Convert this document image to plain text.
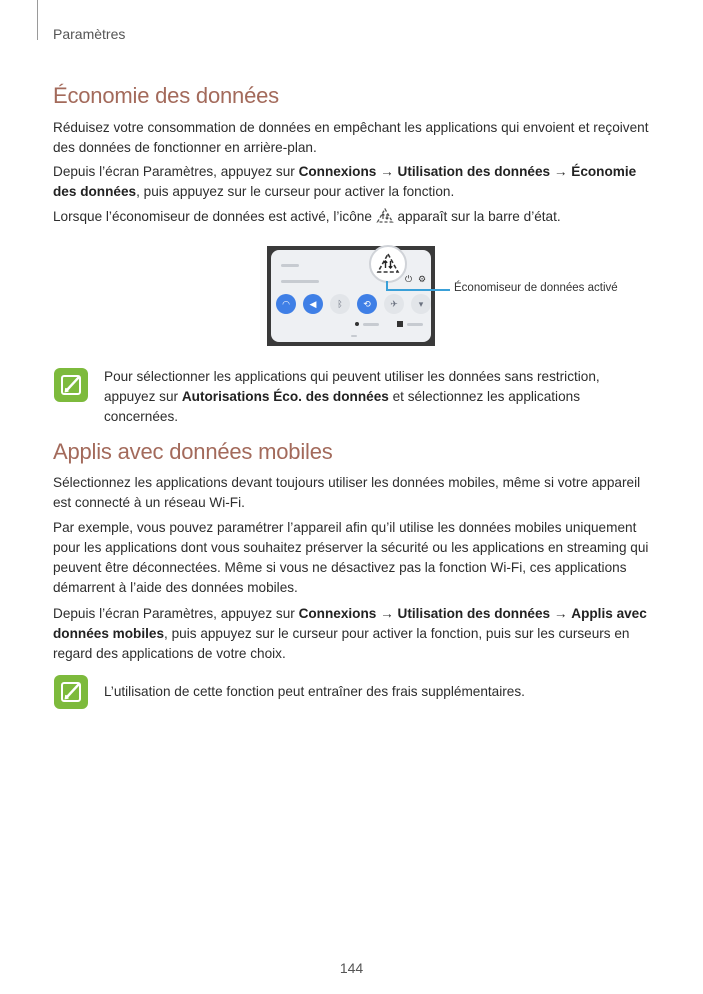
Paramètres
Économie des données

Réduisez votre consommation de données en empêchant les applications qui envoient et reçoivent des données de fonctionner en arrière-plan.

Depuis l’écran Paramètres, appuyez sur Connexions → Utilisation des données → Économie des données, puis appuyez sur le curseur pour activer la fonction.

Lorsque l’économiseur de données est activé, l’icône  apparaît sur la barre d’état.

⏻ ⚙
◠	◀	ᛒ	⟲	✈	▾
Économiseur de données activé

Pour sélectionner les applications qui peuvent utiliser les données sans restriction, appuyez sur Autorisations Éco. des données et sélectionnez les applications concernées.

Applis avec données mobiles

Sélectionnez les applications devant toujours utiliser les données mobiles, même si votre appareil est connecté à un réseau Wi-Fi.

Par exemple, vous pouvez paramétrer l’appareil afin qu’il utilise les données mobiles uniquement pour les applications dont vous souhaitez préserver la sécurité ou les applications en streaming qui peuvent être déconnectées. Même si vous ne désactivez pas la fonction Wi-Fi, ces applications démarrent à l’aide des données mobiles.

Depuis l’écran Paramètres, appuyez sur Connexions → Utilisation des données → Applis avec données mobiles, puis appuyez sur le curseur pour activer la fonction, puis sur les curseurs en regard des applications de votre choix.

L’utilisation de cette fonction peut entraîner des frais supplémentaires.

144
